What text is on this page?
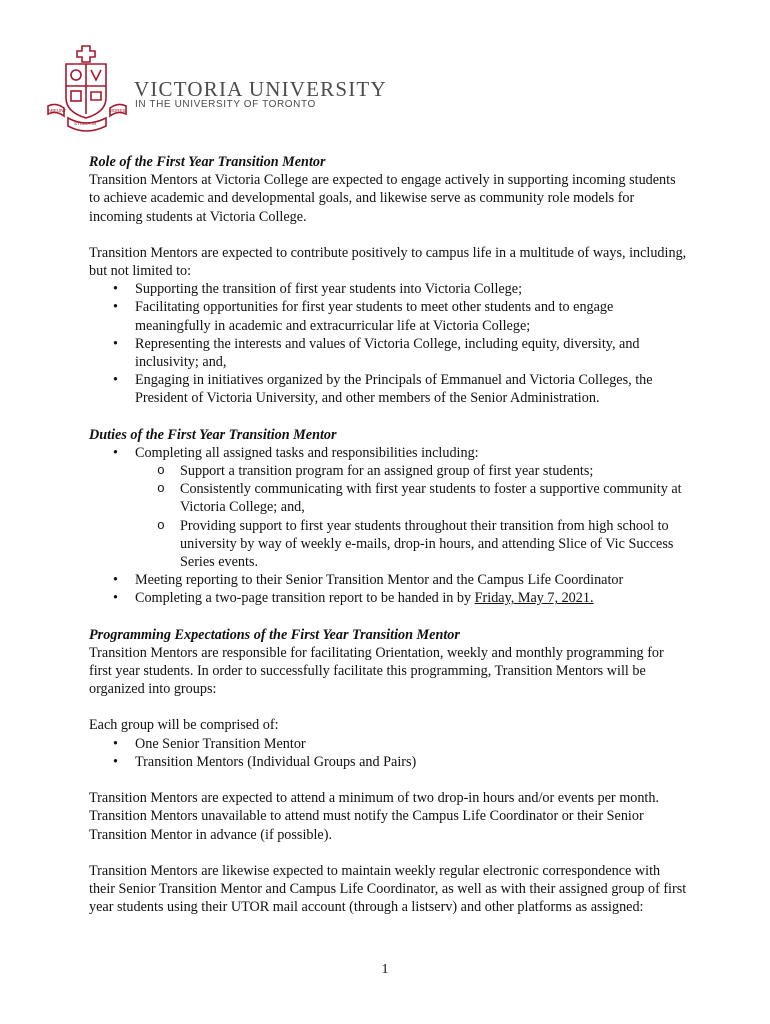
ABEUNT	MORES
STUDIA IN
VICTORIA UNIVERSITY
IN THE UNIVERSITY OF TORONTO

Role of the First Year Transition Mentor

Transition Mentors at Victoria College are expected to engage actively in supporting incoming students to achieve academic and developmental goals, and likewise serve as community role models for incoming students at Victoria College.

Transition Mentors are expected to contribute positively to campus life in a multitude of ways, including, but not limited to:

• Supporting the transition of first year students into Victoria College;
• Facilitating opportunities for first year students to meet other students and to engage meaningfully in academic and extracurricular life at Victoria College;
• Representing the interests and values of Victoria College, including equity, diversity, and inclusivity; and,
• Engaging in initiatives organized by the Principals of Emmanuel and Victoria Colleges, the President of Victoria University, and other members of the Senior Administration.

Duties of the First Year Transition Mentor

• Completing all assigned tasks and responsibilities including:
o Support a transition program for an assigned group of first year students;
o Consistently communicating with first year students to foster a supportive community at Victoria College; and,
o Providing support to first year students throughout their transition from high school to university by way of weekly e-mails, drop-in hours, and attending Slice of Vic Success Series events.
• Meeting reporting to their Senior Transition Mentor and the Campus Life Coordinator
• Completing a two-page transition report to be handed in by Friday, May 7, 2021.

Programming Expectations of the First Year Transition Mentor

Transition Mentors are responsible for facilitating Orientation, weekly and monthly programming for first year students. In order to successfully facilitate this programming, Transition Mentors will be organized into groups:

Each group will be comprised of:

• One Senior Transition Mentor
• Transition Mentors (Individual Groups and Pairs)

Transition Mentors are expected to attend a minimum of two drop-in hours and/or events per month. Transition Mentors unavailable to attend must notify the Campus Life Coordinator or their Senior Transition Mentor in advance (if possible).

Transition Mentors are likewise expected to maintain weekly regular electronic correspondence with their Senior Transition Mentor and Campus Life Coordinator, as well as with their assigned group of first year students using their UTOR mail account (through a listserv) and other platforms as assigned:

1
